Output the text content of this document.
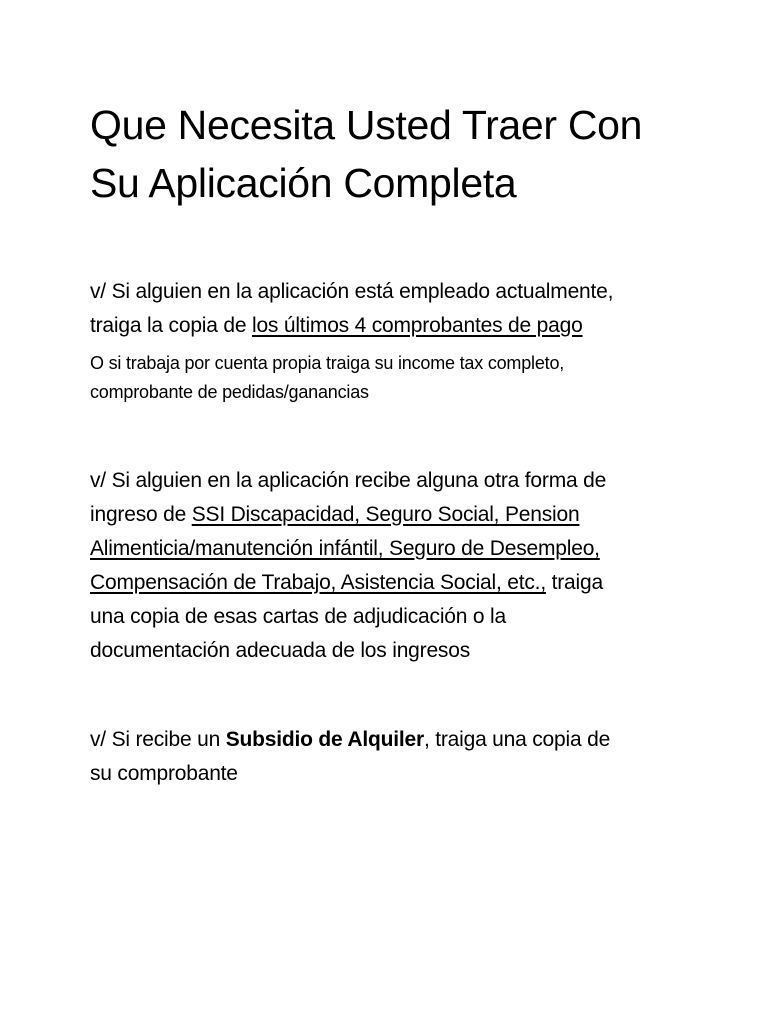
Que Necesita Usted Traer Con
Su Aplicación Completa

v/ Si alguien en la aplicación está empleado actualmente,
traiga la copia de los últimos 4 comprobantes de pago

O si trabaja por cuenta propia traiga su income tax completo,
comprobante de pedidas/ganancias

v/ Si alguien en la aplicación recibe alguna otra forma de
ingreso de SSI Discapacidad, Seguro Social, Pension
Alimenticia/manutención infántil, Seguro de Desempleo,
Compensación de Trabajo, Asistencia Social, etc., traiga
una copia de esas cartas de adjudicación o la
documentación adecuada de los ingresos

v/ Si recibe un Subsidio de Alquiler, traiga una copia de
su comprobante
